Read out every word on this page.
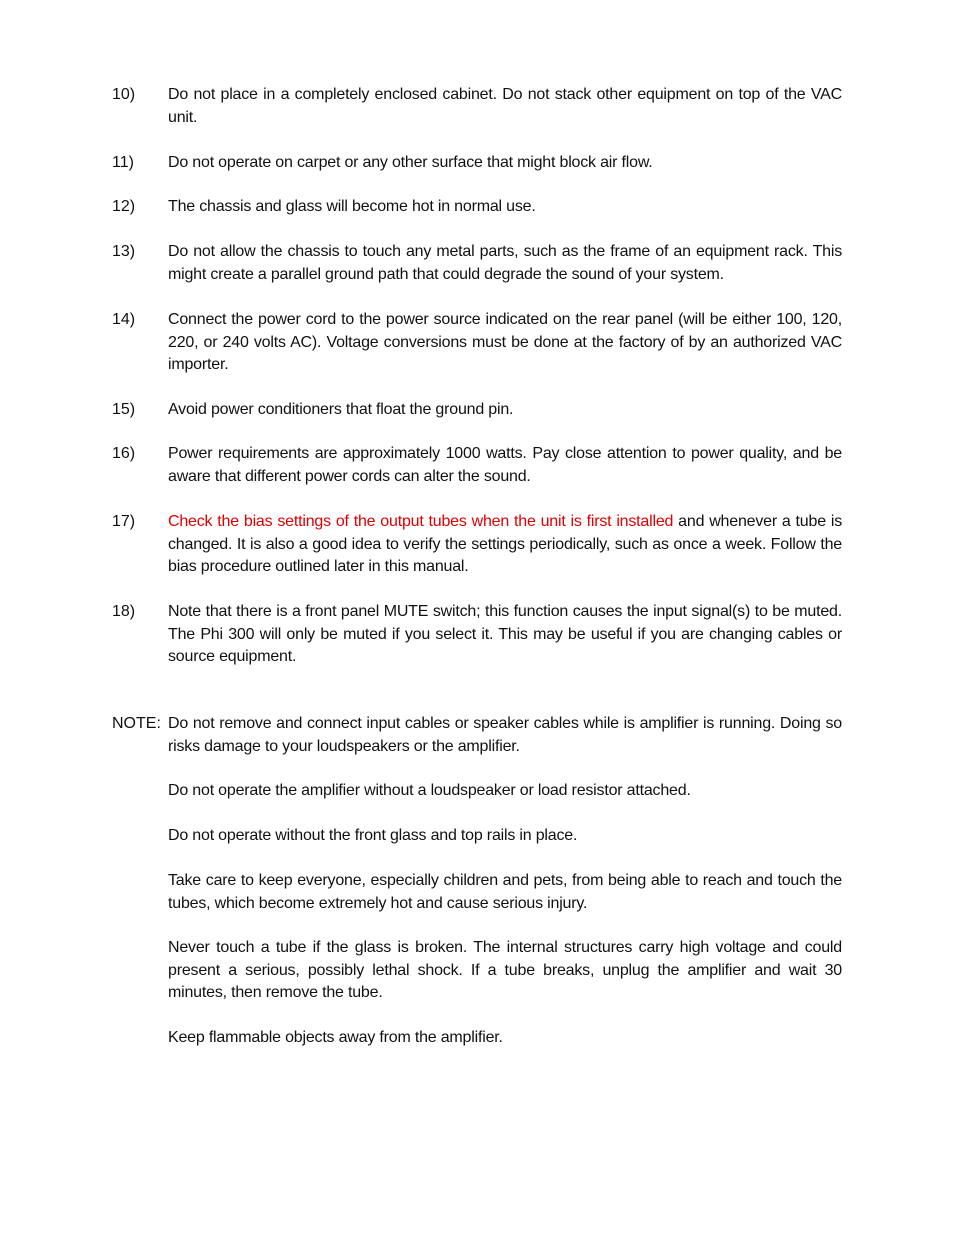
10)	Do not place in a completely enclosed cabinet. Do not stack other equipment on top of the VAC unit.
11)	Do not operate on carpet or any other surface that might block air flow.
12)	The chassis and glass will become hot in normal use.
13)	Do not allow the chassis to touch any metal parts, such as the frame of an equipment rack. This might create a parallel ground path that could degrade the sound of your system.
14)	Connect the power cord to the power source indicated on the rear panel (will be either 100, 120, 220, or 240 volts AC). Voltage conversions must be done at the factory of by an authorized VAC importer.
15)	Avoid power conditioners that float the ground pin.
16)	Power requirements are approximately 1000 watts. Pay close attention to power quality, and be aware that different power cords can alter the sound.
17)	Check the bias settings of the output tubes when the unit is first installed and whenever a tube is changed. It is also a good idea to verify the settings periodically, such as once a week. Follow the bias procedure outlined later in this manual.
18)	Note that there is a front panel MUTE switch; this function causes the input signal(s) to be muted. The Phi 300 will only be muted if you select it. This may be useful if you are changing cables or source equipment.
NOTE: Do not remove and connect input cables or speaker cables while is amplifier is running. Doing so risks damage to your loudspeakers or the amplifier.
Do not operate the amplifier without a loudspeaker or load resistor attached.
Do not operate without the front glass and top rails in place.
Take care to keep everyone, especially children and pets, from being able to reach and touch the tubes, which become extremely hot and cause serious injury.
Never touch a tube if the glass is broken. The internal structures carry high voltage and could present a serious, possibly lethal shock. If a tube breaks, unplug the amplifier and wait 30 minutes, then remove the tube.
Keep flammable objects away from the amplifier.
